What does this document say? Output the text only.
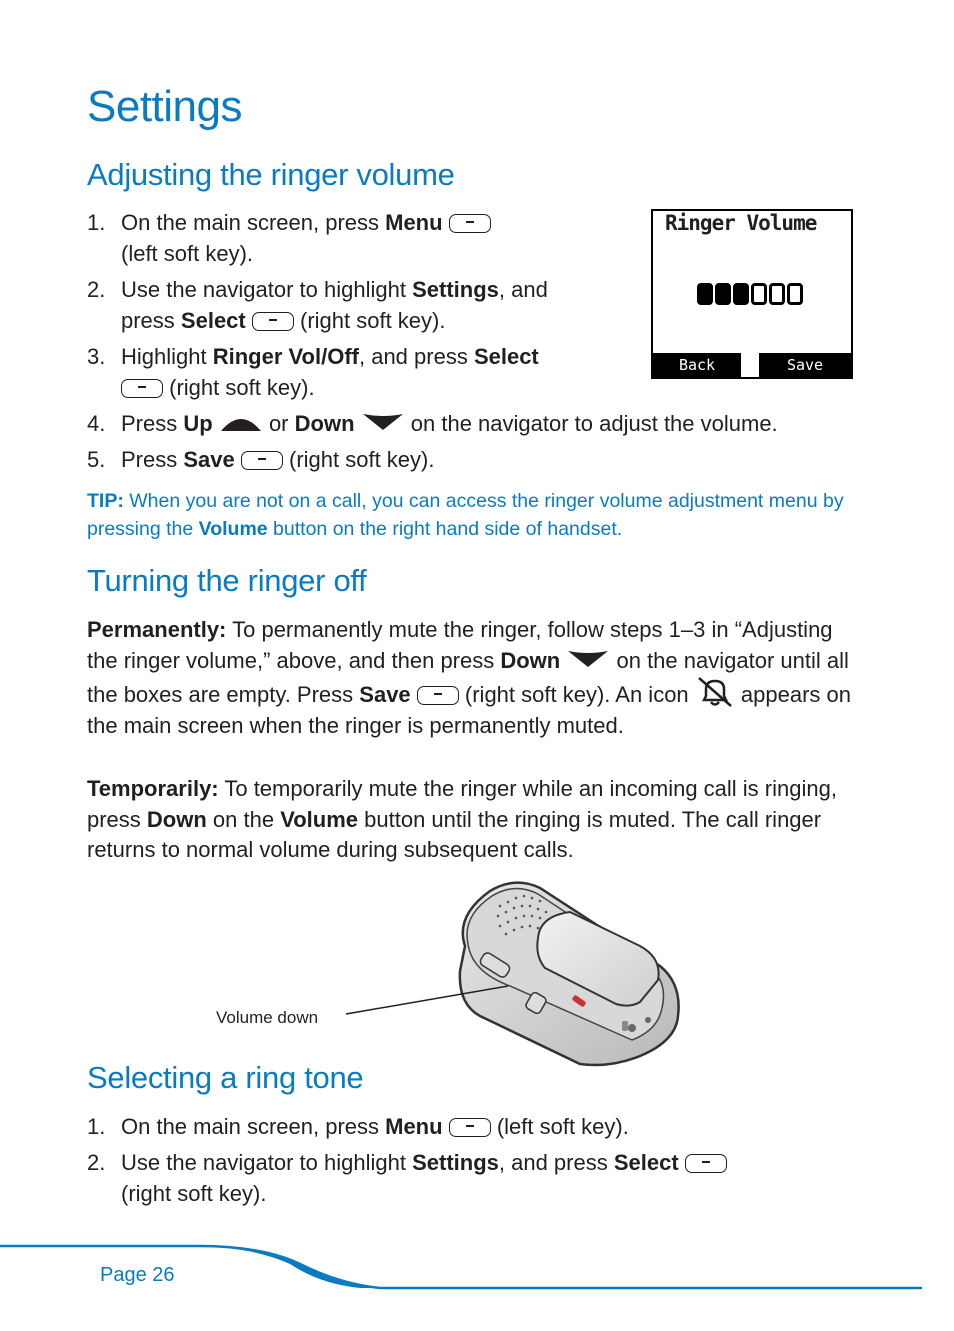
Settings
Adjusting the ringer volume
1. On the main screen, press Menu
(left soft key).
2. Use the navigator to highlight Settings, and
press Select (right soft key).
3. Highlight Ringer Vol/Off, and press Select
(right soft key).
4. Press Up	or Down	on the navigator to adjust the volume.
5. Press Save (right soft key).
Ringer Volume
Back	Save
TIP: When you are not on a call, you can access the ringer volume adjustment menu by pressing the Volume button on the right hand side of handset.
Turning the ringer off
Permanently: To permanently mute the ringer, follow steps 1–3 in “Adjusting the ringer volume,” above, and then press Down  on the navigator until all the boxes are empty. Press Save  (right soft key). An icon  appears on the main screen when the ringer is permanently muted.
Temporarily: To temporarily mute the ringer while an incoming call is ringing, press Down on the Volume button until the ringing is muted. The call ringer returns to normal volume during subsequent calls.
Volume down
Selecting a ring tone
1. On the main screen, press Menu (left soft key).
2. Use the navigator to highlight Settings, and press Select
(right soft key).
Page 26
